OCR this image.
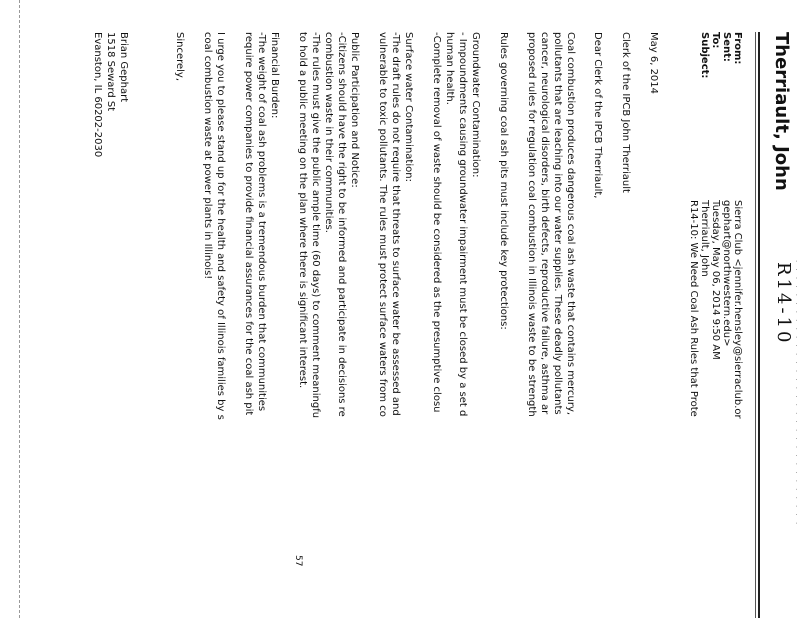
· · · · · · · · · · · · · · · · · · · · · · · · · · · · · · · ·
Therriault, John
R14-10
From:
Sierra Club <jennifer.hensley@sierraclub.or
gephart@northwestern.edu>
Sent:
Tuesday, May 06, 2014 9:50 AM
To:
Therriault, John
Subject:
R14-10: We Need Coal Ash Rules that Prote
May 6, 2014
Clerk of the IPCB John Therriault
Dear Clerk of the IPCB Therriault,
Coal combustion produces dangerous coal ash waste that contains mercury,
pollutants that are leaching into our water supplies. These deadly pollutants
cancer, neurological disorders, birth defects, reproductive failure, asthma ar
proposed rules for regulation coal combustion in Illinois waste to be strength
Rules governing coal ash pits must include key protections:
Groundwater Contamination:
- Impoundments causing groundwater impairment must be closed by a set d
human health.
-Complete removal of waste should be considered as the presumptive closu
Surface water Contamination:
-The draft rules do not require that threats to surface water be assessed and
vulnerable to toxic pollutants. The rules must protect surface waters from co
Public Participation and Notice:
-Citizens should have the right to be informed and participate in decisions re
combustion waste in their communities.
-The rules must give the public ample time (60 days) to comment meaningfu
to hold a public meeting on the plan where there is significant interest.
Financial Burden:
-The weight of coal ash problems is a tremendous burden that communities
require power companies to provide financial assurances for the coal ash pit
I urge you to please stand up for the health and safety of Illinois families by s
coal combustion waste at power plants in Illinois!
Sincerely,
Brian Gephart
1518 Seward St
Evanston, IL 60202-2030
57
